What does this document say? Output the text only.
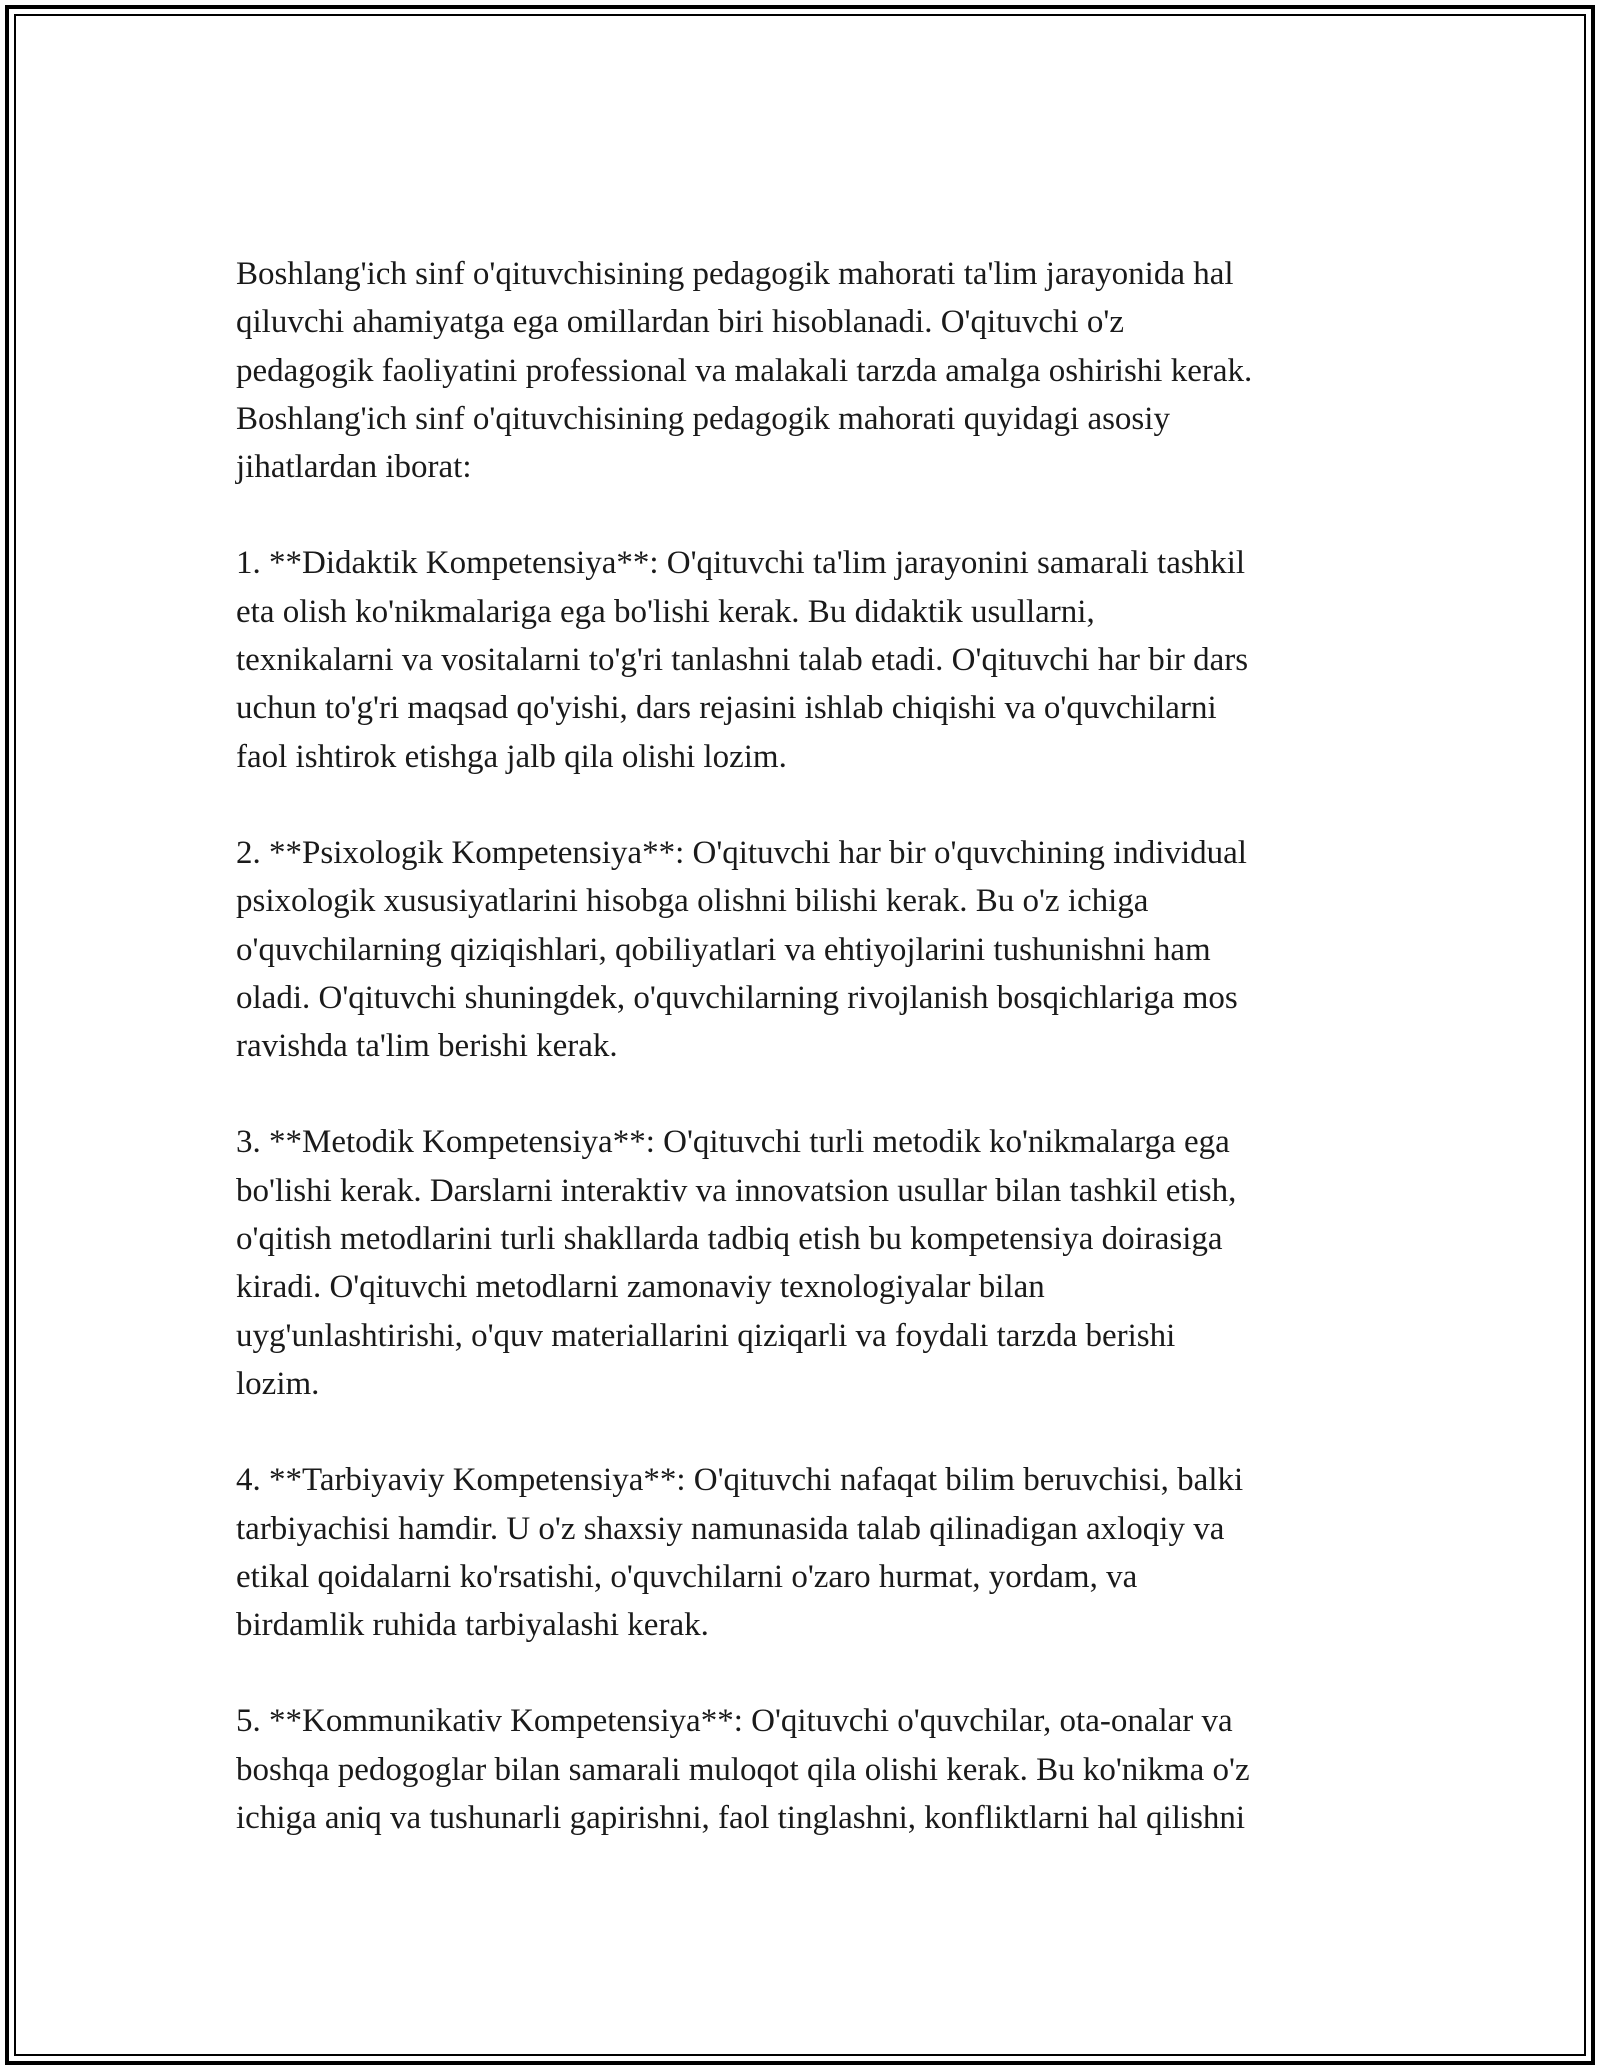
Boshlang'ich sinf o'qituvchisining pedagogik mahorati ta'lim jarayonida hal
qiluvchi ahamiyatga ega omillardan biri hisoblanadi. O'qituvchi o'z
pedagogik faoliyatini professional va malakali tarzda amalga oshirishi kerak.
Boshlang'ich sinf o'qituvchisining pedagogik mahorati quyidagi asosiy
jihatlardan iborat:

1. **Didaktik Kompetensiya**: O'qituvchi ta'lim jarayonini samarali tashkil
eta olish ko'nikmalariga ega bo'lishi kerak. Bu didaktik usullarni,
texnikalarni va vositalarni to'g'ri tanlashni talab etadi. O'qituvchi har bir dars
uchun to'g'ri maqsad qo'yishi, dars rejasini ishlab chiqishi va o'quvchilarni
faol ishtirok etishga jalb qila olishi lozim.

2. **Psixologik Kompetensiya**: O'qituvchi har bir o'quvchining individual
psixologik xususiyatlarini hisobga olishni bilishi kerak. Bu o'z ichiga
o'quvchilarning qiziqishlari, qobiliyatlari va ehtiyojlarini tushunishni ham
oladi. O'qituvchi shuningdek, o'quvchilarning rivojlanish bosqichlariga mos
ravishda ta'lim berishi kerak.

3. **Metodik Kompetensiya**: O'qituvchi turli metodik ko'nikmalarga ega
bo'lishi kerak. Darslarni interaktiv va innovatsion usullar bilan tashkil etish,
o'qitish metodlarini turli shakllarda tadbiq etish bu kompetensiya doirasiga
kiradi. O'qituvchi metodlarni zamonaviy texnologiyalar bilan
uyg'unlashtirishi, o'quv materiallarini qiziqarli va foydali tarzda berishi
lozim.

4. **Tarbiyaviy Kompetensiya**: O'qituvchi nafaqat bilim beruvchisi, balki
tarbiyachisi hamdir. U o'z shaxsiy namunasida talab qilinadigan axloqiy va
etikal qoidalarni ko'rsatishi, o'quvchilarni o'zaro hurmat, yordam, va
birdamlik ruhida tarbiyalashi kerak.

5. **Kommunikativ Kompetensiya**: O'qituvchi o'quvchilar, ota-onalar va
boshqa pedogoglar bilan samarali muloqot qila olishi kerak. Bu ko'nikma o'z
ichiga aniq va tushunarli gapirishni, faol tinglashni, konfliktlarni hal qilishni
